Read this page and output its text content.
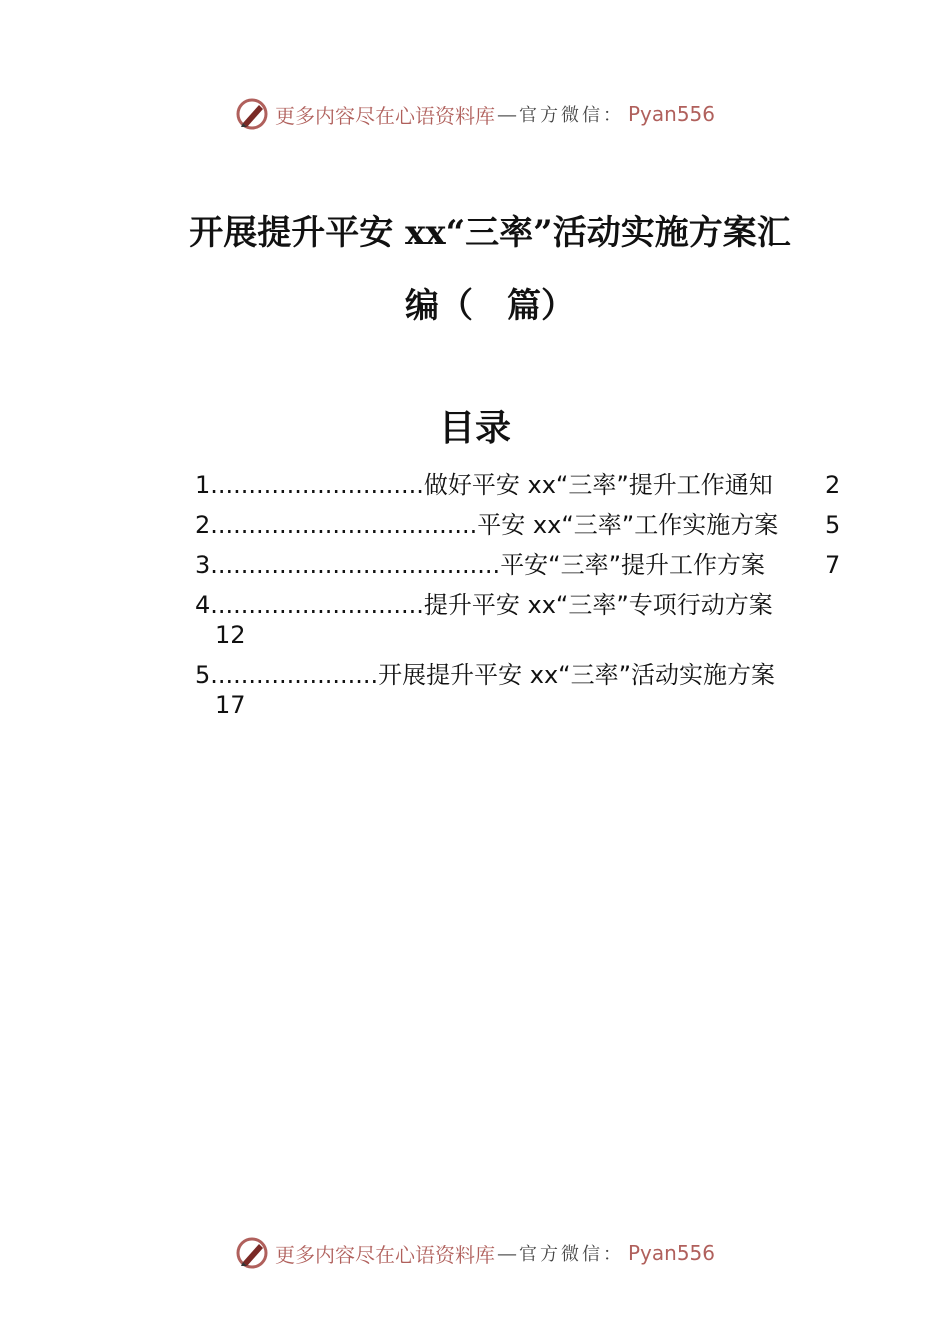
更多内容尽在心语资料库 — 官方微信： Pyan556
开展提升平安 xx“三率”活动实施方案汇
编（　篇）
目录
1............................做好平安 xx“三率”提升工作通知 2
2...................................平安 xx“三率”工作实施方案 5
3......................................平安“三率”提升工作方案 7
4............................提升平安 xx“三率”专项行动方案
12
5......................开展提升平安 xx“三率”活动实施方案
17
更多内容尽在心语资料库 — 官方微信： Pyan556
